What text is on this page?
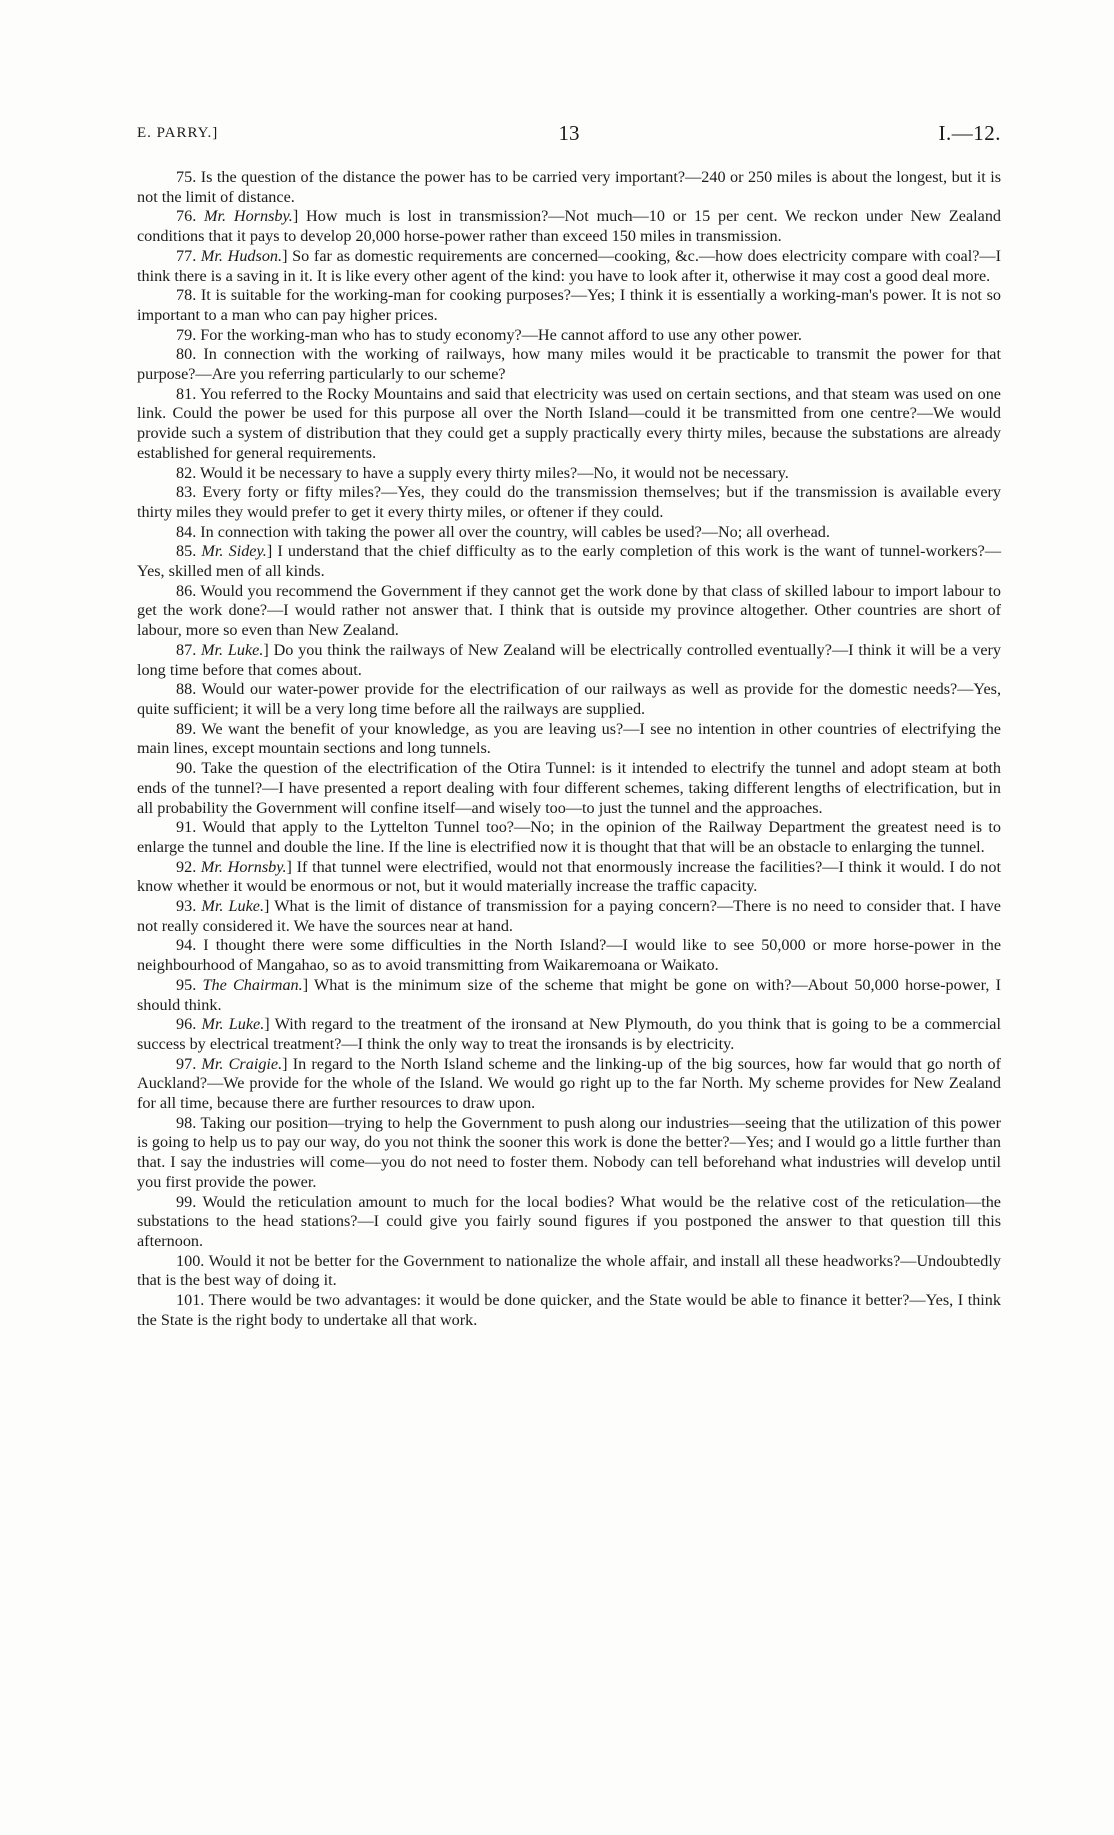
E. PARRY.]	13	I.—12.

75. Is the question of the distance the power has to be carried very important?—240 or 250 miles is about the longest, but it is not the limit of distance.

76. Mr. Hornsby.] How much is lost in transmission?—Not much—10 or 15 per cent. We reckon under New Zealand conditions that it pays to develop 20,000 horse-power rather than exceed 150 miles in transmission.

77. Mr. Hudson.] So far as domestic requirements are concerned—cooking, &c.—how does electricity compare with coal?—I think there is a saving in it. It is like every other agent of the kind: you have to look after it, otherwise it may cost a good deal more.

78. It is suitable for the working-man for cooking purposes?—Yes; I think it is essentially a working-man's power. It is not so important to a man who can pay higher prices.

79. For the working-man who has to study economy?—He cannot afford to use any other power.

80. In connection with the working of railways, how many miles would it be practicable to transmit the power for that purpose?—Are you referring particularly to our scheme?

81. You referred to the Rocky Mountains and said that electricity was used on certain sections, and that steam was used on one link. Could the power be used for this purpose all over the North Island—could it be transmitted from one centre?—We would provide such a system of distribution that they could get a supply practically every thirty miles, because the substations are already established for general requirements.

82. Would it be necessary to have a supply every thirty miles?—No, it would not be necessary.

83. Every forty or fifty miles?—Yes, they could do the transmission themselves; but if the transmission is available every thirty miles they would prefer to get it every thirty miles, or oftener if they could.

84. In connection with taking the power all over the country, will cables be used?—No; all overhead.

85. Mr. Sidey.] I understand that the chief difficulty as to the early completion of this work is the want of tunnel-workers?—Yes, skilled men of all kinds.

86. Would you recommend the Government if they cannot get the work done by that class of skilled labour to import labour to get the work done?—I would rather not answer that. I think that is outside my province altogether. Other countries are short of labour, more so even than New Zealand.

87. Mr. Luke.] Do you think the railways of New Zealand will be electrically controlled eventually?—I think it will be a very long time before that comes about.

88. Would our water-power provide for the electrification of our railways as well as provide for the domestic needs?—Yes, quite sufficient; it will be a very long time before all the railways are supplied.

89. We want the benefit of your knowledge, as you are leaving us?—I see no intention in other countries of electrifying the main lines, except mountain sections and long tunnels.

90. Take the question of the electrification of the Otira Tunnel: is it intended to electrify the tunnel and adopt steam at both ends of the tunnel?—I have presented a report dealing with four different schemes, taking different lengths of electrification, but in all probability the Government will confine itself—and wisely too—to just the tunnel and the approaches.

91. Would that apply to the Lyttelton Tunnel too?—No; in the opinion of the Railway Department the greatest need is to enlarge the tunnel and double the line. If the line is electrified now it is thought that that will be an obstacle to enlarging the tunnel.

92. Mr. Hornsby.] If that tunnel were electrified, would not that enormously increase the facilities?—I think it would. I do not know whether it would be enormous or not, but it would materially increase the traffic capacity.

93. Mr. Luke.] What is the limit of distance of transmission for a paying concern?—There is no need to consider that. I have not really considered it. We have the sources near at hand.

94. I thought there were some difficulties in the North Island?—I would like to see 50,000 or more horse-power in the neighbourhood of Mangahao, so as to avoid transmitting from Waikaremoana or Waikato.

95. The Chairman.] What is the minimum size of the scheme that might be gone on with?—About 50,000 horse-power, I should think.

96. Mr. Luke.] With regard to the treatment of the ironsand at New Plymouth, do you think that is going to be a commercial success by electrical treatment?—I think the only way to treat the ironsands is by electricity.

97. Mr. Craigie.] In regard to the North Island scheme and the linking-up of the big sources, how far would that go north of Auckland?—We provide for the whole of the Island. We would go right up to the far North. My scheme provides for New Zealand for all time, because there are further resources to draw upon.

98. Taking our position—trying to help the Government to push along our industries—seeing that the utilization of this power is going to help us to pay our way, do you not think the sooner this work is done the better?—Yes; and I would go a little further than that. I say the industries will come—you do not need to foster them. Nobody can tell beforehand what industries will develop until you first provide the power.

99. Would the reticulation amount to much for the local bodies? What would be the relative cost of the reticulation—the substations to the head stations?—I could give you fairly sound figures if you postponed the answer to that question till this afternoon.

100. Would it not be better for the Government to nationalize the whole affair, and install all these headworks?—Undoubtedly that is the best way of doing it.

101. There would be two advantages: it would be done quicker, and the State would be able to finance it better?—Yes, I think the State is the right body to undertake all that work.
